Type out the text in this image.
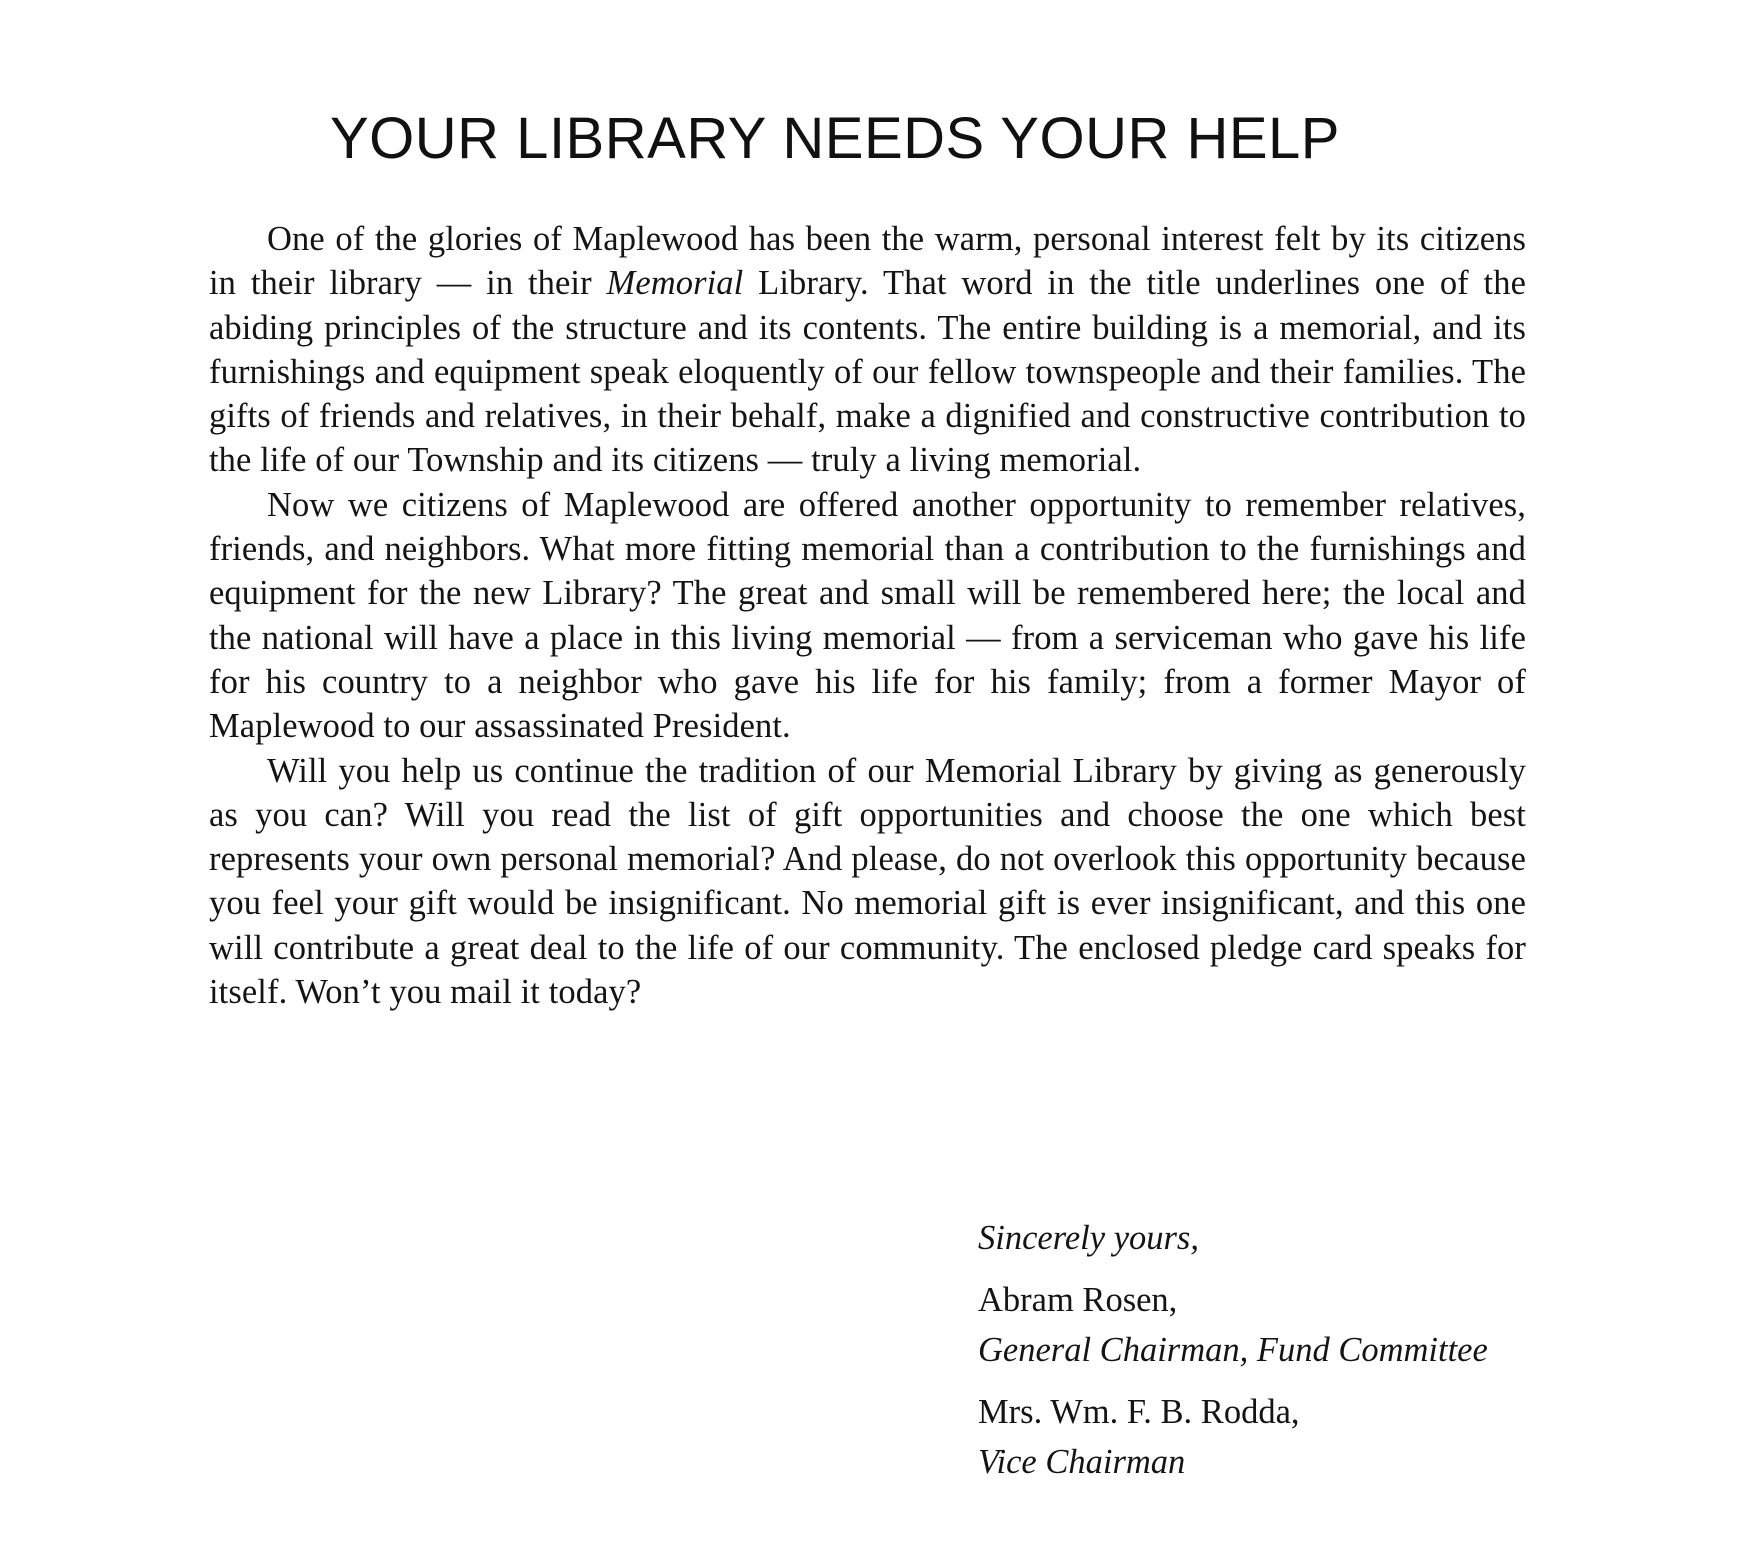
YOUR LIBRARY NEEDS YOUR HELP

One of the glories of Maplewood has been the warm, personal interest felt by its citizens in their library — in their Memorial Library. That word in the title underlines one of the abiding principles of the structure and its contents. The entire building is a memorial, and its furnishings and equipment speak eloquently of our fellow townspeople and their families. The gifts of friends and relatives, in their behalf, make a dignified and constructive contribution to the life of our Township and its citizens — truly a living memorial.

Now we citizens of Maplewood are offered another opportunity to remember relatives, friends, and neighbors. What more fitting memorial than a contribution to the furnishings and equipment for the new Library? The great and small will be remembered here; the local and the national will have a place in this living memorial — from a serviceman who gave his life for his country to a neighbor who gave his life for his family; from a former Mayor of Maplewood to our assassinated President.

Will you help us continue the tradition of our Memorial Library by giving as generously as you can? Will you read the list of gift opportunities and choose the one which best represents your own personal memorial? And please, do not overlook this opportunity because you feel your gift would be insignificant. No memorial gift is ever insignificant, and this one will contribute a great deal to the life of our community. The enclosed pledge card speaks for itself. Won’t you mail it today?

Sincerely yours,
Abram Rosen,
General Chairman, Fund Committee
Mrs. Wm. F. B. Rodda,
Vice Chairman
